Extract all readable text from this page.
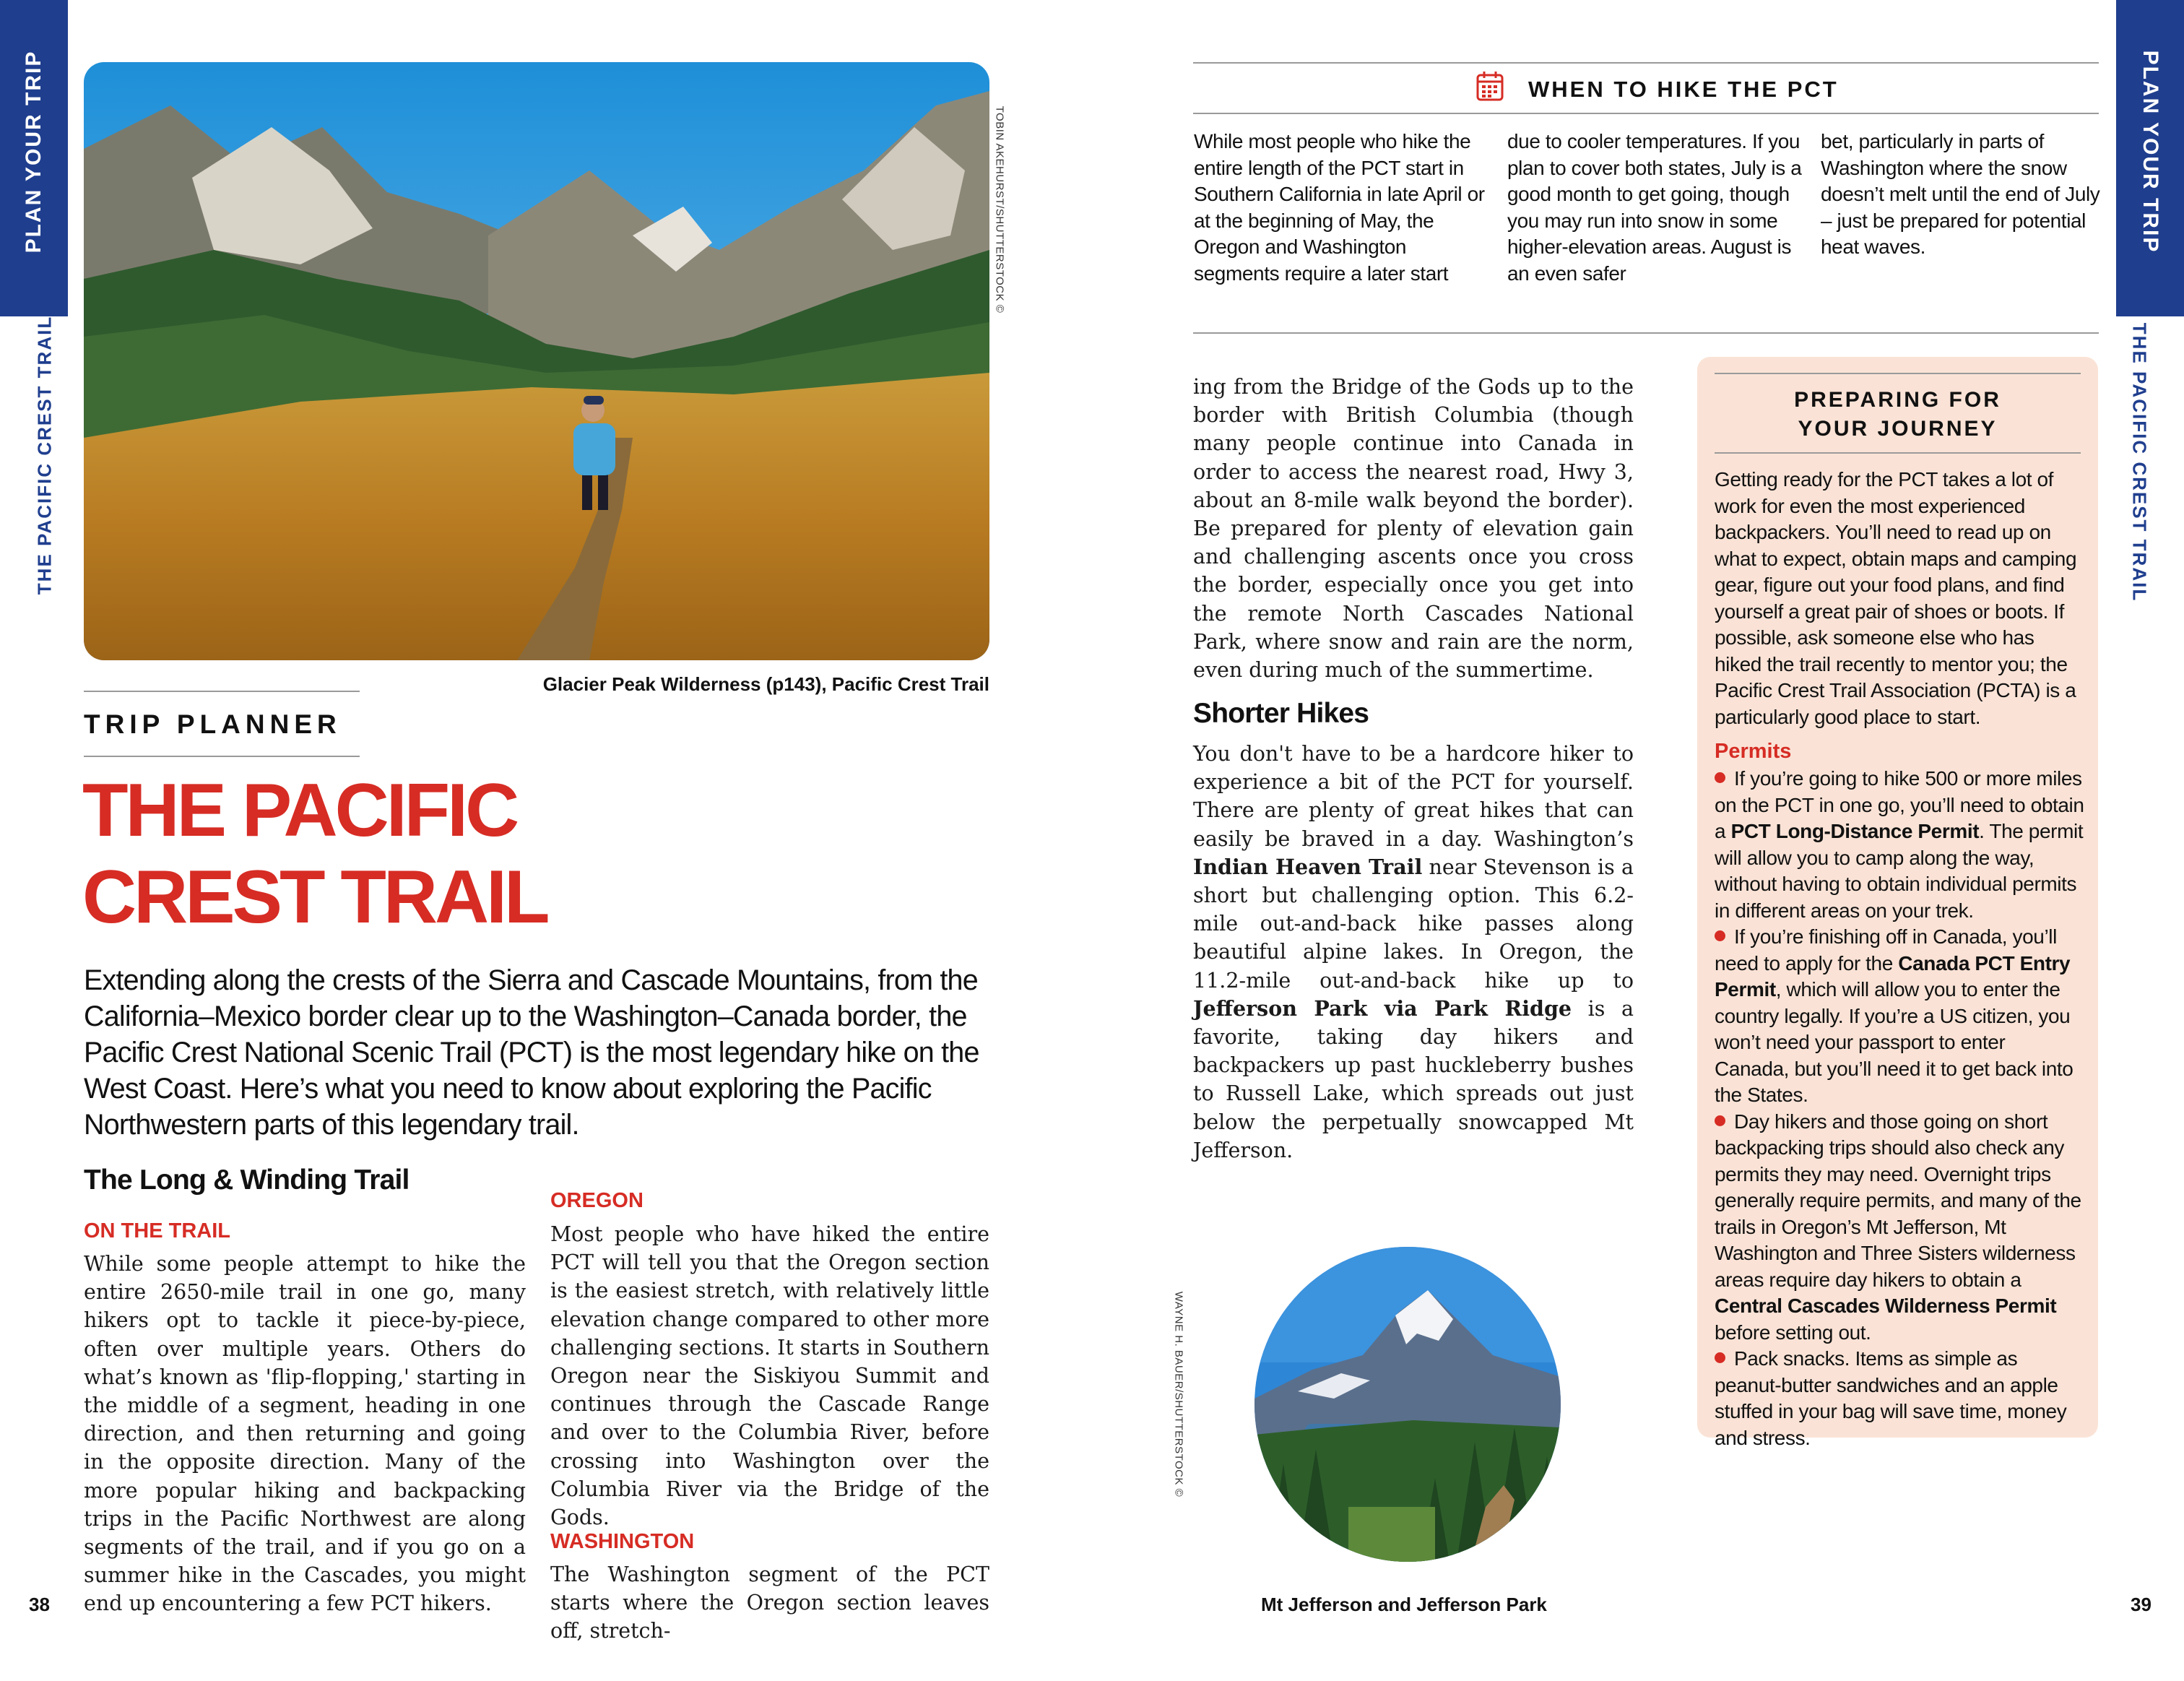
PLAN YOUR TRIP
THE PACIFIC CREST TRAIL
TOBIN AKEHURST/SHUTTERSTOCK ©
Glacier Peak Wilderness (p143), Pacific Crest Trail
TRIP PLANNER
THE PACIFIC
CREST TRAIL
Extending along the crests of the Sierra and Cascade Mountains, from the California–Mexico border clear up to the Washington–Canada border, the Pacific Crest National Scenic Trail (PCT) is the most legendary hike on the West Coast. Here’s what you need to know about exploring the Pacific Northwestern parts of this legendary trail.
The Long & Winding Trail
ON THE TRAIL
While some people attempt to hike the entire 2650-mile trail in one go, many hikers opt to tackle it piece-by-piece, often over multiple years. Others do what’s known as 'flip-flopping,' starting in the middle of a segment, heading in one direction, and then returning and going in the opposite direction. Many of the more popular hiking and backpacking trips in the Pacific Northwest are along segments of the trail, and if you go on a summer hike in the Cascades, you might end up encountering a few PCT hikers.
OREGON
Most people who have hiked the entire PCT will tell you that the Oregon section is the easiest stretch, with relatively little elevation change compared to other more challenging sections. It starts in Southern Oregon near the Siskiyou Summit and continues through the Cascade Range and over to the Columbia River, before crossing into Washington over the Columbia River via the Bridge of the Gods.
WASHINGTON
The Washington segment of the PCT starts where the Oregon section leaves off, stretch-
38
PLAN YOUR TRIP
THE PACIFIC CREST TRAIL
WHEN TO HIKE THE PCT
While most people who hike the entire length of the PCT start in Southern California in late April or at the beginning of May, the Oregon and Washington segments require a later start
due to cooler temperatures. If you plan to cover both states, July is a good month to get going, though you may run into snow in some higher-elevation areas. August is an even safer
bet, particularly in parts of Washington where the snow doesn’t melt until the end of July – just be prepared for potential heat waves.
ing from the Bridge of the Gods up to the border with British Columbia (though many people continue into Canada in order to access the nearest road, Hwy 3, about an 8-mile walk beyond the border). Be prepared for plenty of elevation gain and challenging ascents once you cross the border, especially once you get into the remote North Cascades National Park, where snow and rain are the norm, even during much of the summertime.
Shorter Hikes
You don't have to be a hardcore hiker to experience a bit of the PCT for yourself. There are plenty of great hikes that can easily be braved in a day. Washington’s Indian Heaven Trail near Stevenson is a short but challenging option. This 6.2-mile out-and-back hike passes along beautiful alpine lakes. In Oregon, the 11.2-mile out-and-back hike up to Jefferson Park via Park Ridge is a favorite, taking day hikers and backpackers up past huckleberry bushes to Russell Lake, which spreads out just below the perpetually snowcapped Mt Jefferson.
WAYNE H. BAUER/SHUTTERSTOCK ©
Mt Jefferson and Jefferson Park
PREPARING FOR
YOUR JOURNEY
Getting ready for the PCT takes a lot of work for even the most experienced backpackers. You’ll need to read up on what to expect, obtain maps and camping gear, figure out your food plans, and find yourself a great pair of shoes or boots. If possible, ask someone else who has hiked the trail recently to mentor you; the Pacific Crest Trail Association (PCTA) is a particularly good place to start.
Permits
If you’re going to hike 500 or more miles on the PCT in one go, you’ll need to obtain a PCT Long-Distance Permit. The permit will allow you to camp along the way, without having to obtain individual permits in different areas on your trek.
If you’re finishing off in Canada, you’ll need to apply for the Canada PCT Entry Permit, which will allow you to enter the country legally. If you’re a US citizen, you won’t need your passport to enter Canada, but you’ll need it to get back into the States.
Day hikers and those going on short backpacking trips should also check any permits they may need. Overnight trips generally require permits, and many of the trails in Oregon’s Mt Jefferson, Mt Washington and Three Sisters wilderness areas require day hikers to obtain a Central Cascades Wilderness Permit before setting out.
Pack snacks. Items as simple as peanut-butter sandwiches and an apple stuffed in your bag will save time, money and stress.
39
